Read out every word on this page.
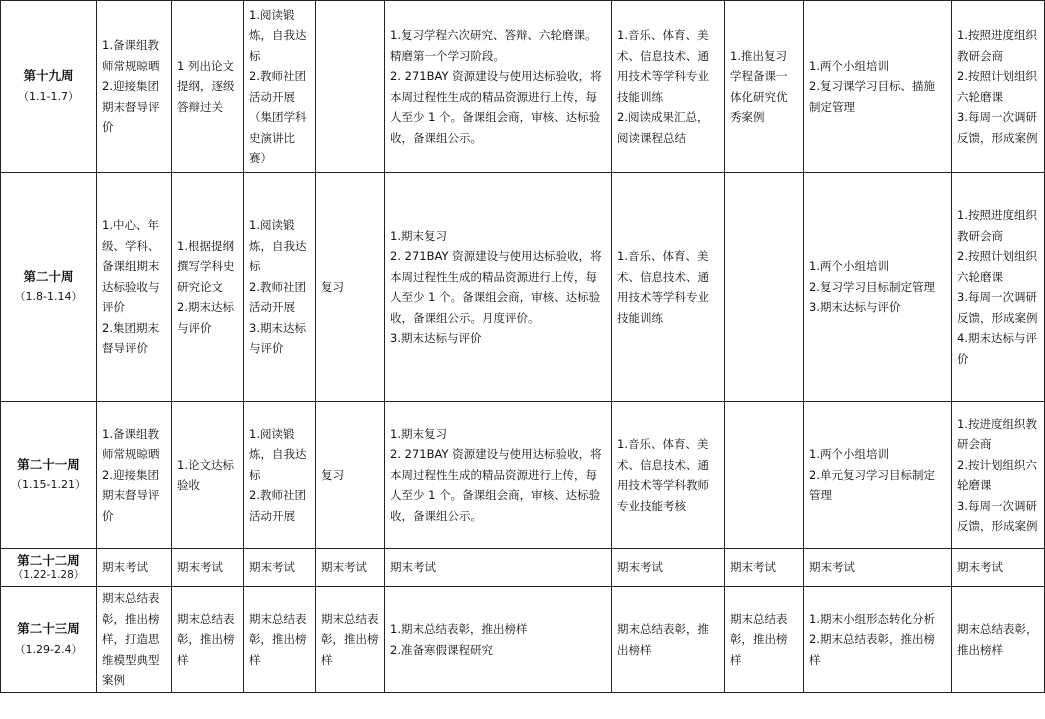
第十九周
（1.1-1.7）	1.备课组教师常规晾晒
2.迎接集团期末督导评价	1 列出论文提纲，逐级答辩过关	1.阅读锻炼，自我达标
2.教师社团活动开展（集团学科史演讲比赛）		1.复习学程六次研究、答辩、六轮磨课。精磨第一个学习阶段。
2. 271BAY 资源建设与使用达标验收，将本周过程性生成的精品资源进行上传，每人至少 1 个。备课组会商，审核、达标验收，备课组公示。	1.音乐、体育、美术、信息技术、通用技术等学科专业技能训练
2.阅读成果汇总，阅读课程总结	1.推出复习学程备课一体化研究优秀案例	1.两个小组培训
2.复习课学习目标、描施制定管理	1.按照进度组织教研会商
2.按照计划组织六轮磨课
3.每周一次调研反馈，形成案例

第二十周
（1.8-1.14）	1.中心、年级、学科、备课组期末达标验收与评价
2.集团期末督导评价	1.根据提纲撰写学科史研究论文
2.期末达标与评价	1.阅读锻炼，自我达标
2.教师社团活动开展
3.期末达标与评价	复习	1.期末复习
2. 271BAY 资源建设与使用达标验收，将本周过程性生成的精品资源进行上传，每人至少 1 个。备课组会商，审核、达标验收，备课组公示。月度评价。
3.期末达标与评价	1.音乐、体育、美术、信息技术、通用技术等学科专业技能训练		1.两个小组培训
2.复习学习目标制定管理
3.期末达标与评价	1.按照进度组织教研会商
2.按照计划组织六轮磨课
3.每周一次调研反馈，形成案例
4.期末达标与评价

第二十一周
（1.15-1.21）	1.备课组教师常规晾晒
2.迎接集团期末督导评价	1.论文达标验收	1.阅读锻炼，自我达标
2.教师社团活动开展	复习	1.期末复习
2. 271BAY 资源建设与使用达标验收，将本周过程性生成的精品资源进行上传，每人至少 1 个。备课组会商，审核、达标验收，备课组公示。	1.音乐、体育、美术、信息技术、通用技术等学科教师专业技能考核		1.两个小组培训
2.单元复习学习目标制定管理	1.按进度组织教研会商
2.按计划组织六轮磨课
3.每周一次调研反馈，形成案例

第二十二周
（1.22-1.28）	期末考试	期末考试	期末考试	期末考试	期末考试	期末考试	期末考试	期末考试	期末考试

第二十三周
（1.29-2.4）	期末总结表彰，推出榜样，打造思维模型典型案例	期末总结表彰，推出榜样	期末总结表彰，推出榜样	期末总结表彰，推出榜样	1.期末总结表彰，推出榜样
2.准备寒假课程研究	期末总结表彰，推出榜样	期末总结表彰，推出榜样	1.期末小组形态转化分析
2.期末总结表彰，推出榜样	期末总结表彰，推出榜样
